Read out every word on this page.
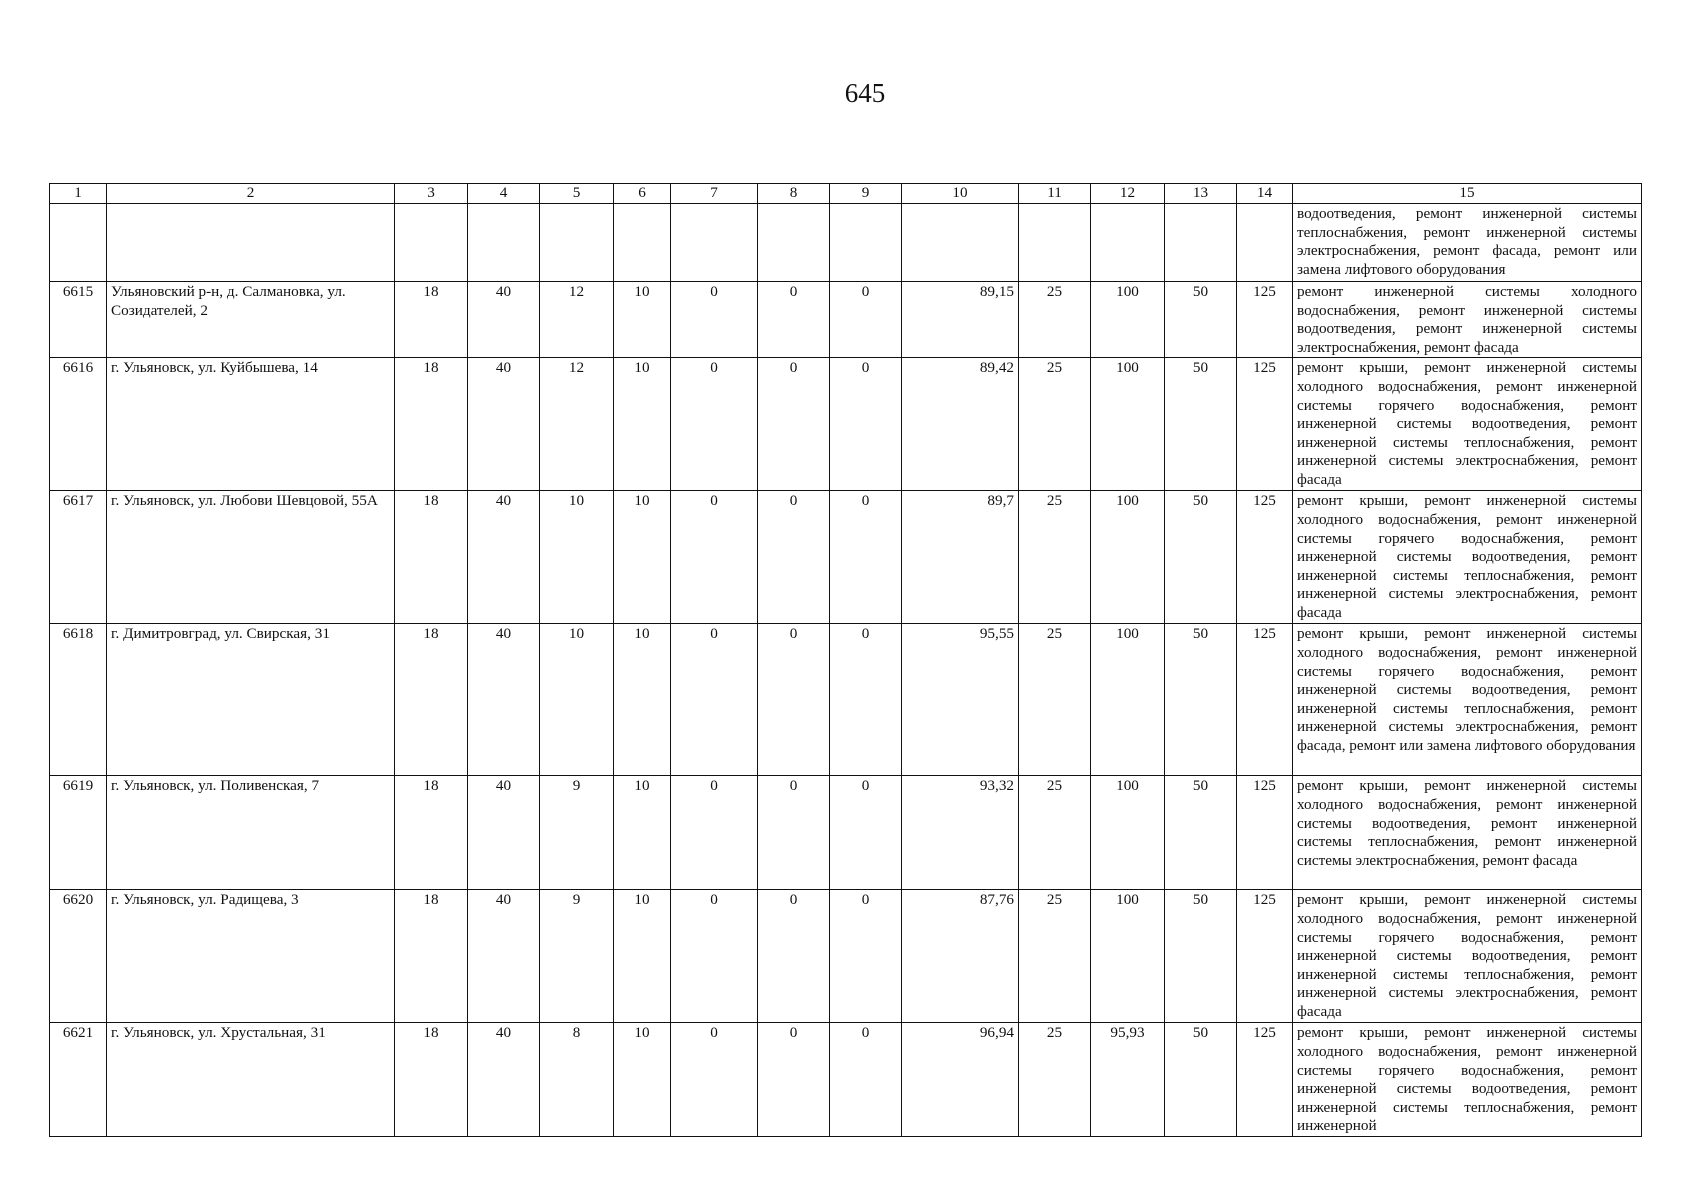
645
1	2	3	4	5	6	7	8	9	10	11	12	13	14	15
														водоотведения, ремонт инженерной системы теплоснабжения, ремонт инженерной системы электроснабжения, ремонт фасада, ремонт или замена лифтового оборудования
6615	Ульяновский р-н, д. Салмановка, ул. Созидателей, 2	18	40	12	10	0	0	0	89,15	25	100	50	125	ремонт инженерной системы холодного водоснабжения, ремонт инженерной системы водоотведения, ремонт инженерной системы электроснабжения, ремонт фасада
6616	г. Ульяновск, ул. Куйбышева, 14	18	40	12	10	0	0	0	89,42	25	100	50	125	ремонт крыши, ремонт инженерной системы холодного водоснабжения, ремонт инженерной системы горячего водоснабжения, ремонт инженерной системы водоотведения, ремонт инженерной системы теплоснабжения, ремонт инженерной системы электроснабжения, ремонт фасада
6617	г. Ульяновск, ул. Любови Шевцовой, 55А	18	40	10	10	0	0	0	89,7	25	100	50	125	ремонт крыши, ремонт инженерной системы холодного водоснабжения, ремонт инженерной системы горячего водоснабжения, ремонт инженерной системы водоотведения, ремонт инженерной системы теплоснабжения, ремонт инженерной системы электроснабжения, ремонт фасада
6618	г. Димитровград, ул. Свирская, 31	18	40	10	10	0	0	0	95,55	25	100	50	125	ремонт крыши, ремонт инженерной системы холодного водоснабжения, ремонт инженерной системы горячего водоснабжения, ремонт инженерной системы водоотведения, ремонт инженерной системы теплоснабжения, ремонт инженерной системы электроснабжения, ремонт фасада, ремонт или замена лифтового оборудования
6619	г. Ульяновск, ул. Поливенская, 7	18	40	9	10	0	0	0	93,32	25	100	50	125	ремонт крыши, ремонт инженерной системы холодного водоснабжения, ремонт инженерной системы водоотведения, ремонт инженерной системы теплоснабжения, ремонт инженерной системы электроснабжения, ремонт фасада
6620	г. Ульяновск, ул. Радищева, 3	18	40	9	10	0	0	0	87,76	25	100	50	125	ремонт крыши, ремонт инженерной системы холодного водоснабжения, ремонт инженерной системы горячего водоснабжения, ремонт инженерной системы водоотведения, ремонт инженерной системы теплоснабжения, ремонт инженерной системы электроснабжения, ремонт фасада
6621	г. Ульяновск, ул. Хрустальная, 31	18	40	8	10	0	0	0	96,94	25	95,93	50	125	ремонт крыши, ремонт инженерной системы холодного водоснабжения, ремонт инженерной системы горячего водоснабжения, ремонт инженерной системы водоотведения, ремонт инженерной системы теплоснабжения, ремонт инженерной
